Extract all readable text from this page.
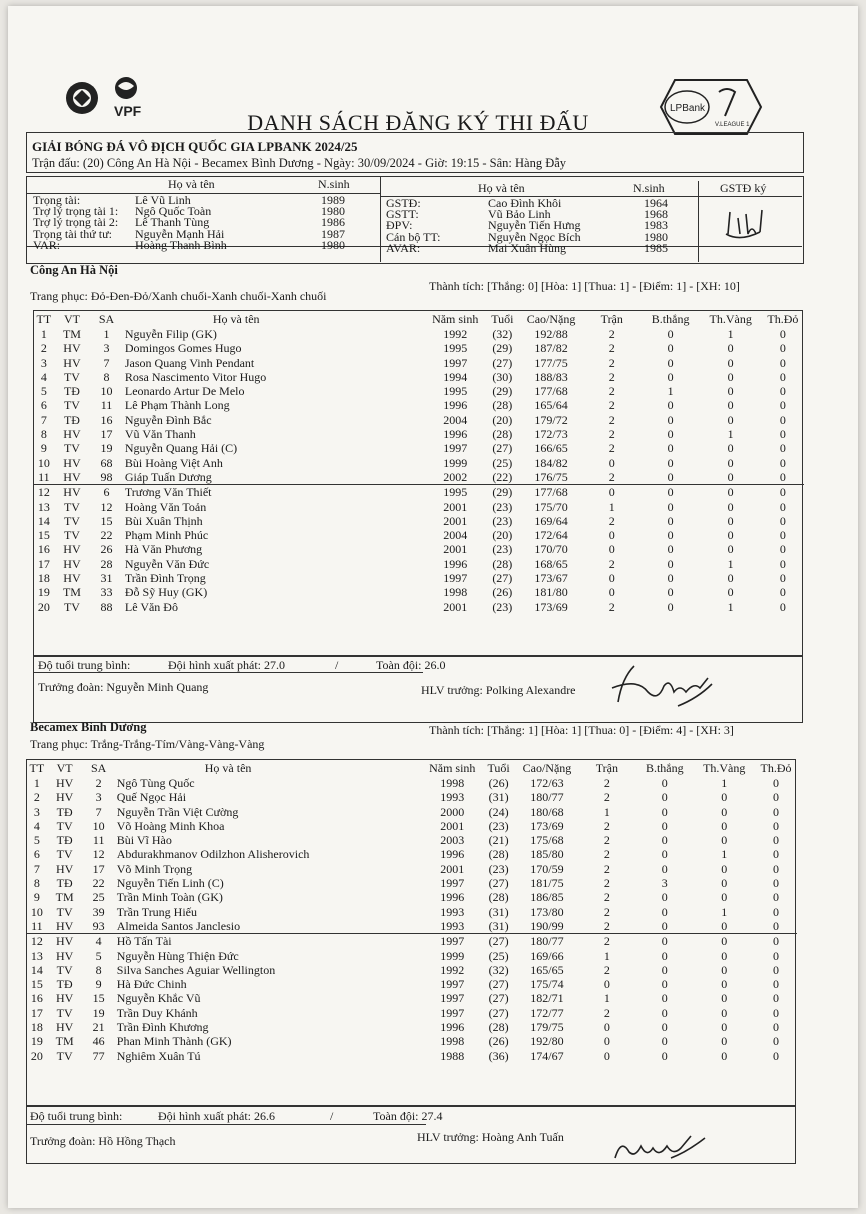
VPF	LPBank
V.LEAGUE 1
DANH SÁCH ĐĂNG KÝ THI ĐẤU
GIẢI BÓNG ĐÁ VÔ ĐỊCH QUỐC GIA LPBANK 2024/25
Trận đấu: (20) Công An Hà Nội - Becamex Bình Dương - Ngày: 30/09/2024 - Giờ: 19:15 - Sân: Hàng Đẫy
Họ và tên	N.sinh	Họ và tên	N.sinh	GSTĐ ký
Trọng tài:	Lê Vũ Linh	1989
Trợ lý trọng tài 1:	Ngô Quốc Toàn	1980
Trợ lý trọng tài 2:	Lê Thanh Tùng	1986
Trọng tài thứ tư:	Nguyễn Mạnh Hải	1987
VAR:	Hoàng Thanh Bình	1980
GSTĐ:	Cao Đình Khôi	1964
GSTT:	Vũ Bảo Linh	1968
ĐPV:	Nguyễn Tiến Hưng	1983
Cán bộ TT:	Nguyễn Ngọc Bích	1980
AVAR:	Mai Xuân Hùng	1985
Công An Hà Nội
Trang phục: Đỏ-Đen-Đỏ/Xanh chuối-Xanh chuối-Xanh chuối
Thành tích: [Thắng: 0] [Hòa: 1] [Thua: 1] - [Điểm: 1] - [XH: 10]
TT	VT	SA	Họ và tên	Năm sinh	Tuổi	Cao/Nặng	Trận	B.thắng	Th.Vàng	Th.Đỏ
1	TM	1	Nguyễn Filip (GK)	1992	(32)	192/88	2	0	1	0
2	HV	3	Domingos Gomes Hugo	1995	(29)	187/82	2	0	0	0
3	HV	7	Jason Quang Vinh Pendant	1997	(27)	177/75	2	0	0	0
4	TV	8	Rosa Nascimento Vitor Hugo	1994	(30)	188/83	2	0	0	0
5	TĐ	10	Leonardo Artur De Melo	1995	(29)	177/68	2	1	0	0
6	TV	11	Lê Phạm Thành Long	1996	(28)	165/64	2	0	0	0
7	TĐ	16	Nguyễn Đình Bắc	2004	(20)	179/72	2	0	0	0
8	HV	17	Vũ Văn Thanh	1996	(28)	172/73	2	0	1	0
9	TV	19	Nguyễn Quang Hải (C)	1997	(27)	166/65	2	0	0	0
10	HV	68	Bùi Hoàng Việt Anh	1999	(25)	184/82	0	0	0	0
11	HV	98	Giáp Tuấn Dương	2002	(22)	176/75	2	0	0	0
12	HV	6	Trương Văn Thiết	1995	(29)	177/68	0	0	0	0
13	TV	12	Hoàng Văn Toản	2001	(23)	175/70	1	0	0	0
14	TV	15	Bùi Xuân Thịnh	2001	(23)	169/64	2	0	0	0
15	TV	22	Phạm Minh Phúc	2004	(20)	172/64	0	0	0	0
16	HV	26	Hà Văn Phương	2001	(23)	170/70	0	0	0	0
17	HV	28	Nguyễn Văn Đức	1996	(28)	168/65	2	0	1	0
18	HV	31	Trần Đình Trọng	1997	(27)	173/67	0	0	0	0
19	TM	33	Đỗ Sỹ Huy (GK)	1998	(26)	181/80	0	0	0	0
20	TV	88	Lê Văn Đô	2001	(23)	173/69	2	0	1	0
Độ tuổi trung bình:	Đội hình xuất phát: 27.0	/	Toàn đội: 26.0
Trưởng đoàn: Nguyễn Minh Quang	HLV trưởng: Polking Alexandre
Becamex Bình Dương
Trang phục: Trắng-Trắng-Tím/Vàng-Vàng-Vàng
Thành tích: [Thắng: 1] [Hòa: 1] [Thua: 0] - [Điểm: 4] - [XH: 3]
TT	VT	SA	Họ và tên	Năm sinh	Tuổi	Cao/Nặng	Trận	B.thắng	Th.Vàng	Th.Đỏ
1	HV	2	Ngô Tùng Quốc	1998	(26)	172/63	2	0	1	0
2	HV	3	Quế Ngọc Hải	1993	(31)	180/77	2	0	0	0
3	TĐ	7	Nguyễn Trần Việt Cường	2000	(24)	180/68	1	0	0	0
4	TV	10	Võ Hoàng Minh Khoa	2001	(23)	173/69	2	0	0	0
5	TĐ	11	Bùi Vĩ Hào	2003	(21)	175/68	2	0	0	0
6	TV	12	Abdurakhmanov Odilzhon Alisherovich	1996	(28)	185/80	2	0	1	0
7	HV	17	Võ Minh Trọng	2001	(23)	170/59	2	0	0	0
8	TĐ	22	Nguyễn Tiến Linh (C)	1997	(27)	181/75	2	3	0	0
9	TM	25	Trần Minh Toàn (GK)	1996	(28)	186/85	2	0	0	0
10	TV	39	Trần Trung Hiếu	1993	(31)	173/80	2	0	1	0
11	HV	93	Almeida Santos Janclesio	1993	(31)	190/99	2	0	0	0
12	HV	4	Hồ Tấn Tài	1997	(27)	180/77	2	0	0	0
13	HV	5	Nguyễn Hùng Thiện Đức	1999	(25)	169/66	1	0	0	0
14	TV	8	Silva Sanches Aguiar Wellington	1992	(32)	165/65	2	0	0	0
15	TĐ	9	Hà Đức Chinh	1997	(27)	175/74	0	0	0	0
16	HV	15	Nguyễn Khắc Vũ	1997	(27)	182/71	1	0	0	0
17	TV	19	Trần Duy Khánh	1997	(27)	172/77	2	0	0	0
18	HV	21	Trần Đình Khương	1996	(28)	179/75	0	0	0	0
19	TM	46	Phan Minh Thành (GK)	1998	(26)	192/80	0	0	0	0
20	TV	77	Nghiêm Xuân Tú	1988	(36)	174/67	0	0	0	0
Độ tuổi trung bình:	Đội hình xuất phát: 26.6	/	Toàn đội: 27.4
Trưởng đoàn: Hồ Hồng Thạch	HLV trưởng: Hoàng Anh Tuấn
